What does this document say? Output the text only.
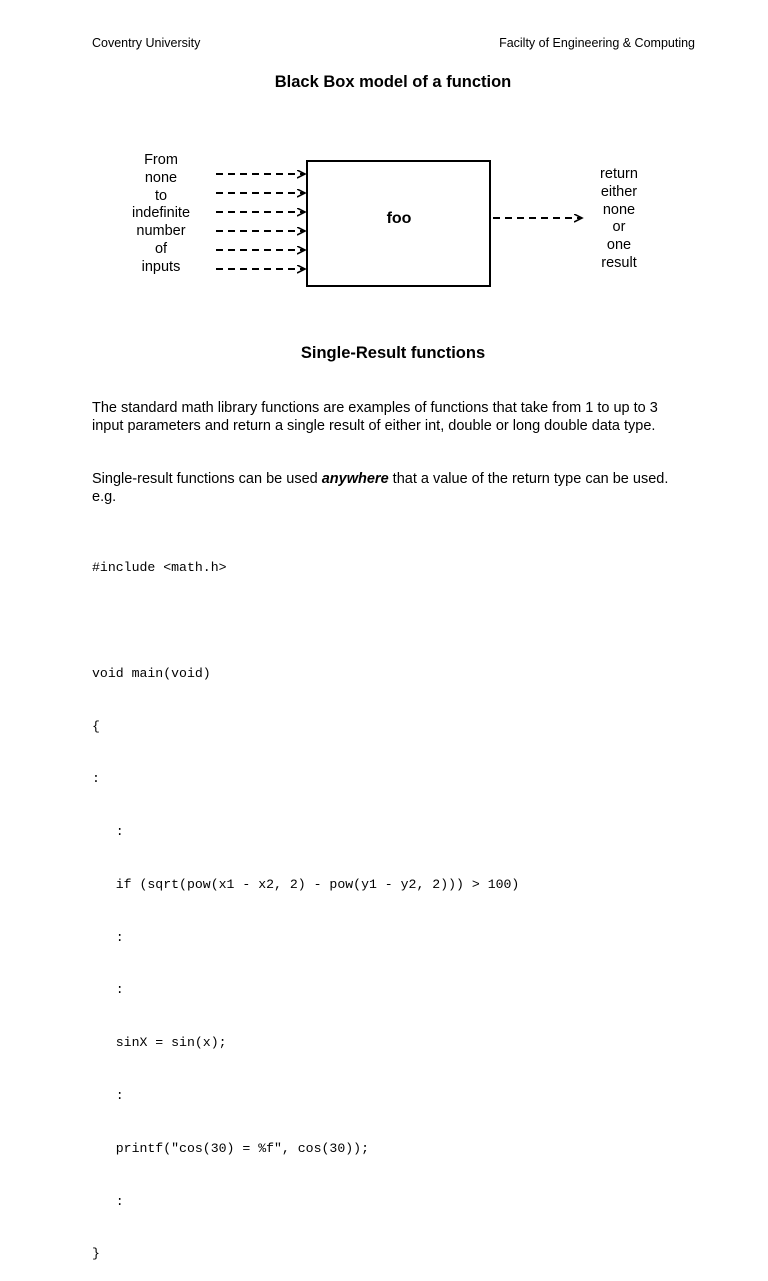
Coventry University	Facilty of Engineering & Computing
Black Box model of a function
From
none
to
indefinite
number
of
inputs
foo
return
either
none
or
one
result
Single-Result functions

The standard math library functions are examples of functions that take from 1 to up to 3 input parameters and return a single result of either int, double or long double data type.

Single-result functions can be used anywhere that a value of the return type can be used. e.g.

#include <math.h>

void main(void)

{

:

:

if (sqrt(pow(x1 - x2, 2) - pow(y1 - y2, 2))) > 100)

:

:

sinX = sin(x);

:

printf("cos(30) = %f", cos(30));

:

}
